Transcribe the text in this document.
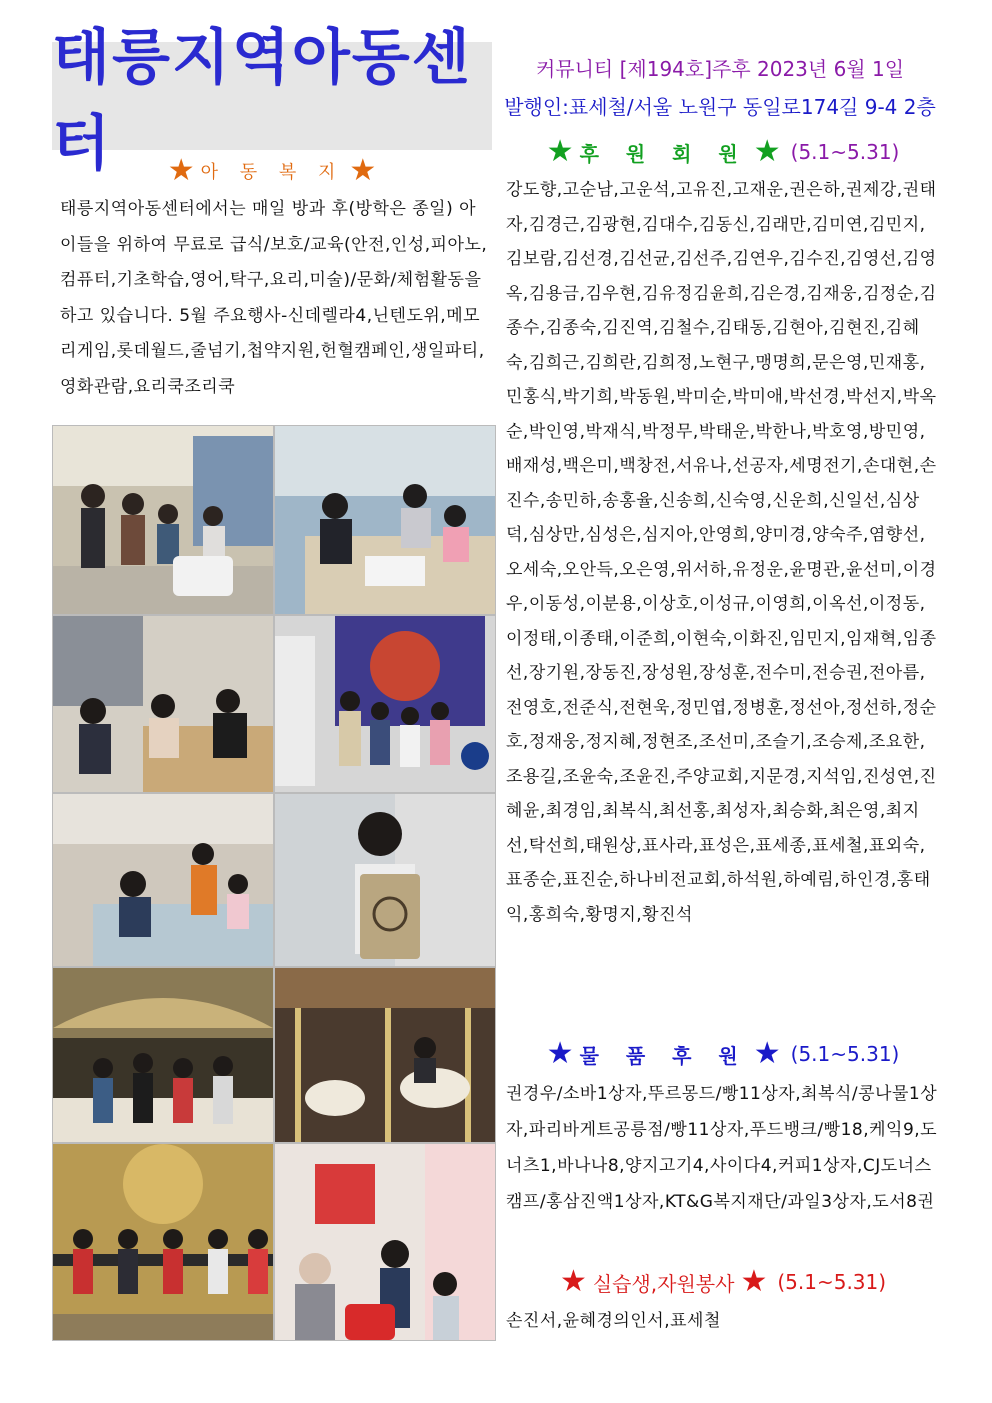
태릉지역아동센터
커뮤니티 [제194호]주후 2023년 6월 1일
발행인:표세철/서울 노원구 동일로174길 9-4 2층
★ 아 동 복 지 ★
태릉지역아동센터에서는 매일 방과 후(방학은 종일) 아이들을 위하여 무료로 급식/보호/교육(안전,인성,피아노,컴퓨터,기초학습,영어,탁구,요리,미술)/문화/체험활동을 하고 있습니다. 5월 주요행사-신데렐라4,닌텐도위,메모리게임,롯데월드,줄넘기,첩약지원,헌혈캠페인,생일파티,영화관람,요리쿡조리쿡
★ 후 원 회 원 ★ (5.1~5.31)
강도향,고순남,고운석,고유진,고재운,권은하,권제강,권태자,김경근,김광현,김대수,김동신,김래만,김미연,김민지,김보람,김선경,김선균,김선주,김연우,김수진,김영선,김영옥,김용금,김우현,김유정김윤희,김은경,김재웅,김정순,김종수,김종숙,김진역,김철수,김태동,김현아,김현진,김혜숙,김희근,김희란,김희정,노현구,맹명희,문은영,민재홍,민홍식,박기희,박동원,박미순,박미애,박선경,박선지,박옥순,박인영,박재식,박정무,박태운,박한나,박호영,방민영,배재성,백은미,백창전,서유나,선공자,세명전기,손대현,손진수,송민하,송홍율,신송희,신숙영,신운희,신일선,심상덕,심상만,심성은,심지아,안영희,양미경,양숙주,염향선,오세숙,오안득,오은영,위서하,유정운,윤명관,윤선미,이경우,이동성,이분용,이상호,이성규,이영희,이옥선,이정동,이정태,이종태,이준희,이현숙,이화진,임민지,임재혁,임종선,장기원,장동진,장성원,장성훈,전수미,전승권,전아름,전영호,전준식,전현욱,정민엽,정병훈,정선아,정선하,정순호,정재웅,정지혜,정현조,조선미,조슬기,조승제,조요한,조용길,조윤숙,조윤진,주양교회,지문경,지석임,진성연,진혜윤,최경임,최복식,최선홍,최성자,최승화,최은영,최지선,탁선희,태원상,표사라,표성은,표세종,표세철,표외숙,표종순,표진순,하나비전교회,하석원,하예림,하인경,홍태익,홍희숙,황명지,황진석
★ 물 품 후 원 ★ (5.1~5.31)
권경우/소바1상자,뚜르몽드/빵11상자,최복식/콩나물1상자,파리바게트공릉점/빵11상자,푸드뱅크/빵18,케익9,도너츠1,바나나8,양지고기4,사이다4,커피1상자,CJ도너스캠프/홍삼진액1상자,KT&G복지재단/과일3상자,도서8권
★ 실습생,자원봉사 ★ (5.1~5.31)
손진서,윤혜경의인서,표세철
